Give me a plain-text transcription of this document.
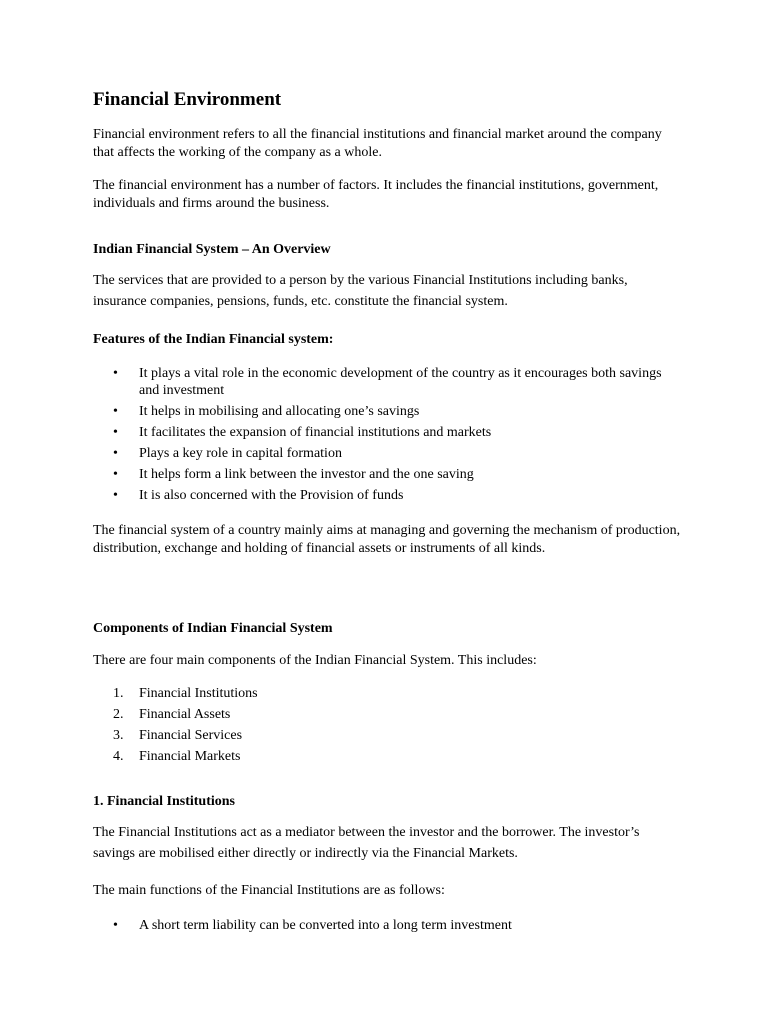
Financial Environment

Financial environment refers to all the financial institutions and financial market around the company that affects the working of the company as a whole.

The financial environment has a number of factors. It includes the financial institutions, government, individuals and firms around the business.

Indian Financial System – An Overview

The services that are provided to a person by the various Financial Institutions including banks, insurance companies, pensions, funds, etc. constitute the financial system.

Features of the Indian Financial system:
• It plays a vital role in the economic development of the country as it encourages both savings and investment
• It helps in mobilising and allocating one’s savings
• It facilitates the expansion of financial institutions and markets
• Plays a key role in capital formation
• It helps form a link between the investor and the one saving
• It is also concerned with the Provision of funds

The financial system of a country mainly aims at managing and governing the mechanism of production, distribution, exchange and holding of financial assets or instruments of all kinds.

Components of Indian Financial System

There are four main components of the Indian Financial System. This includes:

1. Financial Institutions
2. Financial Assets
3. Financial Services
4. Financial Markets
1. Financial Institutions

The Financial Institutions act as a mediator between the investor and the borrower. The investor’s savings are mobilised either directly or indirectly via the Financial Markets.

The main functions of the Financial Institutions are as follows:

• A short term liability can be converted into a long term investment
